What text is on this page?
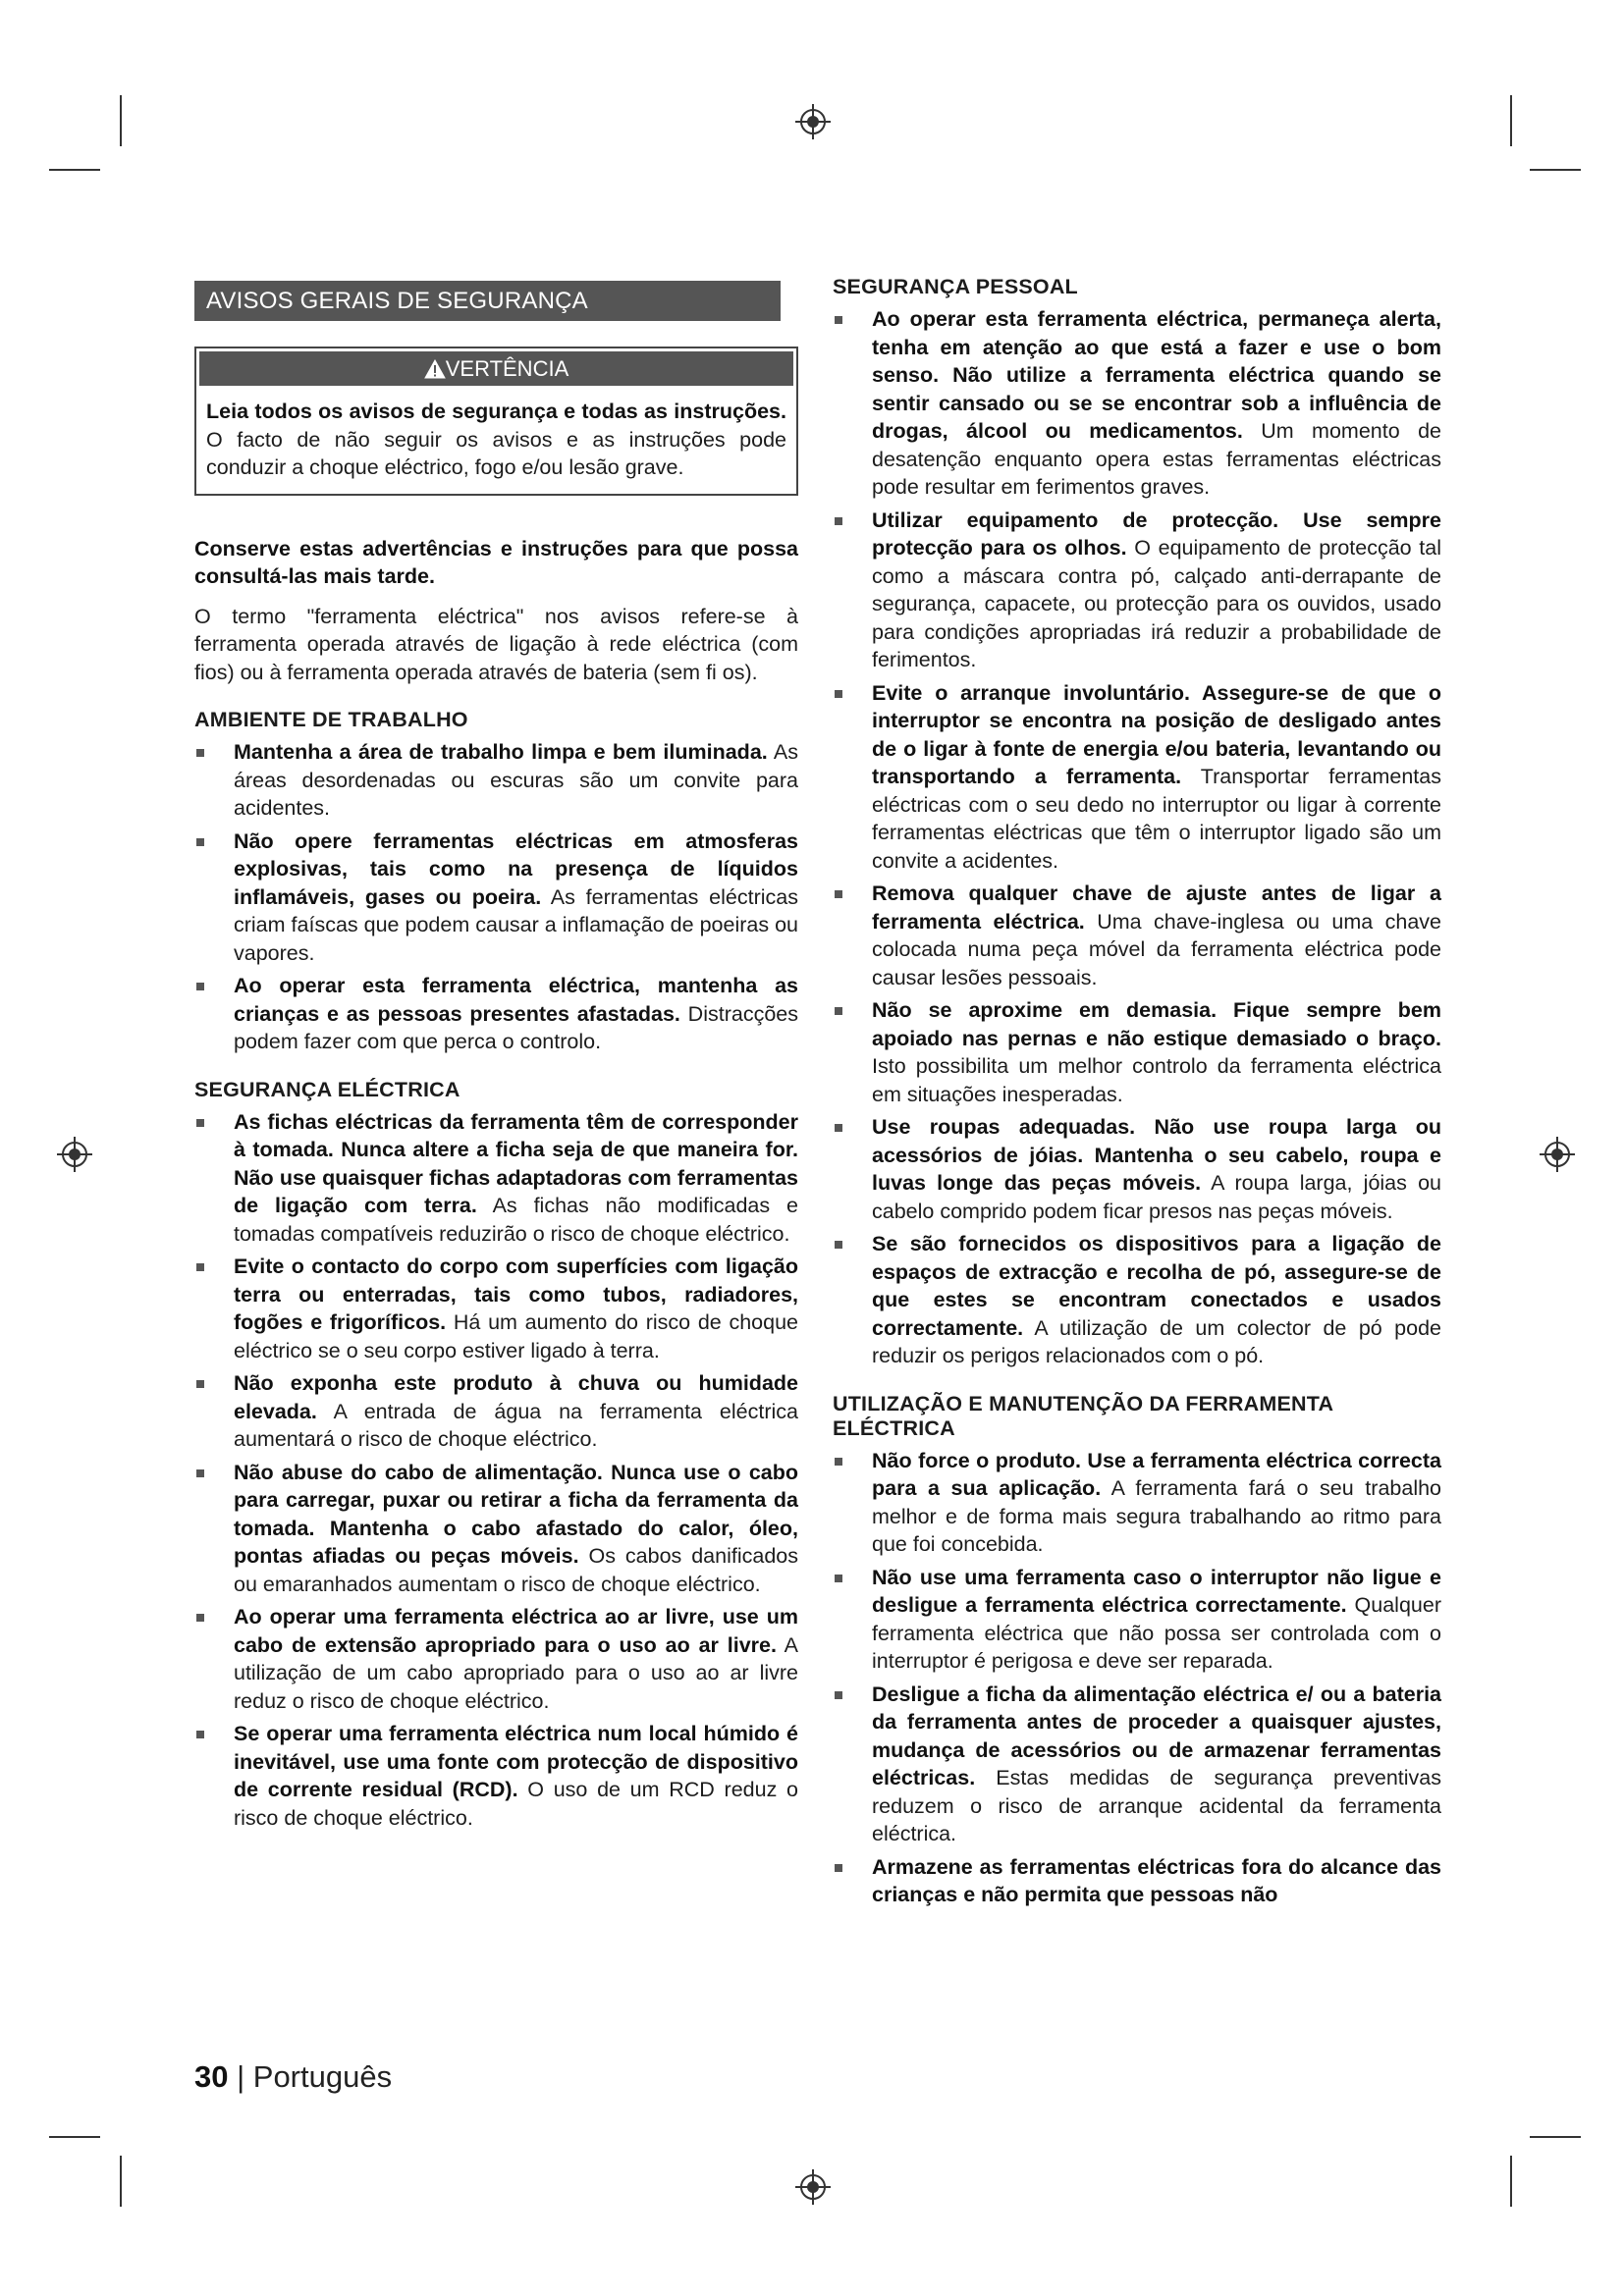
AVISOS GERAIS DE SEGURANÇA
VERTÊNCIA
Leia todos os avisos de segurança e todas as instruções. O facto de não seguir os avisos e as instruções pode conduzir a choque eléctrico, fogo e/ou lesão grave.

Conserve estas advertências e instruções para que possa consultá-las mais tarde.

O termo "ferramenta eléctrica" nos avisos refere-se à ferramenta operada através de ligação à rede eléctrica (com fios) ou à ferramenta operada através de bateria (sem fi os).

AMBIENTE DE TRABALHO
Mantenha a área de trabalho limpa e bem iluminada. As áreas desordenadas ou escuras são um convite para acidentes.
Não opere ferramentas eléctricas em atmosferas explosivas, tais como na presença de líquidos inflamáveis, gases ou poeira. As ferramentas eléctricas criam faíscas que podem causar a inflamação de poeiras ou vapores.
Ao operar esta ferramenta eléctrica, mantenha as crianças e as pessoas presentes afastadas. Distracções podem fazer com que perca o controlo.
SEGURANÇA ELÉCTRICA
As fichas eléctricas da ferramenta têm de corresponder à tomada. Nunca altere a ficha seja de que maneira for. Não use quaisquer fichas adaptadoras com ferramentas de ligação com terra. As fichas não modificadas e tomadas compatíveis reduzirão o risco de choque eléctrico.
Evite o contacto do corpo com superfícies com ligação terra ou enterradas, tais como tubos, radiadores, fogões e frigoríficos. Há um aumento do risco de choque eléctrico se o seu corpo estiver ligado à terra.
Não exponha este produto à chuva ou humidade elevada. A entrada de água na ferramenta eléctrica aumentará o risco de choque eléctrico.
Não abuse do cabo de alimentação. Nunca use o cabo para carregar, puxar ou retirar a ficha da ferramenta da tomada. Mantenha o cabo afastado do calor, óleo, pontas afiadas ou peças móveis. Os cabos danificados ou emaranhados aumentam o risco de choque eléctrico.
Ao operar uma ferramenta eléctrica ao ar livre, use um cabo de extensão apropriado para o uso ao ar livre. A utilização de um cabo apropriado para o uso ao ar livre reduz o risco de choque eléctrico.
Se operar uma ferramenta eléctrica num local húmido é inevitável, use uma fonte com protecção de dispositivo de corrente residual (RCD). O uso de um RCD reduz o risco de choque eléctrico.
SEGURANÇA PESSOAL
Ao operar esta ferramenta eléctrica, permaneça alerta, tenha em atenção ao que está a fazer e use o bom senso. Não utilize a ferramenta eléctrica quando se sentir cansado ou se se encontrar sob a influência de drogas, álcool ou medicamentos. Um momento de desatenção enquanto opera estas ferramentas eléctricas pode resultar em ferimentos graves.
Utilizar equipamento de protecção. Use sempre protecção para os olhos. O equipamento de protecção tal como a máscara contra pó, calçado anti-derrapante de segurança, capacete, ou protecção para os ouvidos, usado para condições apropriadas irá reduzir a probabilidade de ferimentos.
Evite o arranque involuntário. Assegure-se de que o interruptor se encontra na posição de desligado antes de o ligar à fonte de energia e/ou bateria, levantando ou transportando a ferramenta. Transportar ferramentas eléctricas com o seu dedo no interruptor ou ligar à corrente ferramentas eléctricas que têm o interruptor ligado são um convite a acidentes.
Remova qualquer chave de ajuste antes de ligar a ferramenta eléctrica. Uma chave-inglesa ou uma chave colocada numa peça móvel da ferramenta eléctrica pode causar lesões pessoais.
Não se aproxime em demasia. Fique sempre bem apoiado nas pernas e não estique demasiado o braço. Isto possibilita um melhor controlo da ferramenta eléctrica em situações inesperadas.
Use roupas adequadas. Não use roupa larga ou acessórios de jóias. Mantenha o seu cabelo, roupa e luvas longe das peças móveis. A roupa larga, jóias ou cabelo comprido podem ficar presos nas peças móveis.
Se são fornecidos os dispositivos para a ligação de espaços de extracção e recolha de pó, assegure-se de que estes se encontram conectados e usados correctamente. A utilização de um colector de pó pode reduzir os perigos relacionados com o pó.
UTILIZAÇÃO E MANUTENÇÃO DA FERRAMENTA ELÉCTRICA
Não force o produto. Use a ferramenta eléctrica correcta para a sua aplicação. A ferramenta fará o seu trabalho melhor e de forma mais segura trabalhando ao ritmo para que foi concebida.
Não use uma ferramenta caso o interruptor não ligue e desligue a ferramenta eléctrica correctamente. Qualquer ferramenta eléctrica que não possa ser controlada com o interruptor é perigosa e deve ser reparada.
Desligue a ficha da alimentação eléctrica e/ ou a bateria da ferramenta antes de proceder a quaisquer ajustes, mudança de acessórios ou de armazenar ferramentas eléctricas. Estas medidas de segurança preventivas reduzem o risco de arranque acidental da ferramenta eléctrica.
Armazene as ferramentas eléctricas fora do alcance das crianças e não permita que pessoas não
30 | Português
